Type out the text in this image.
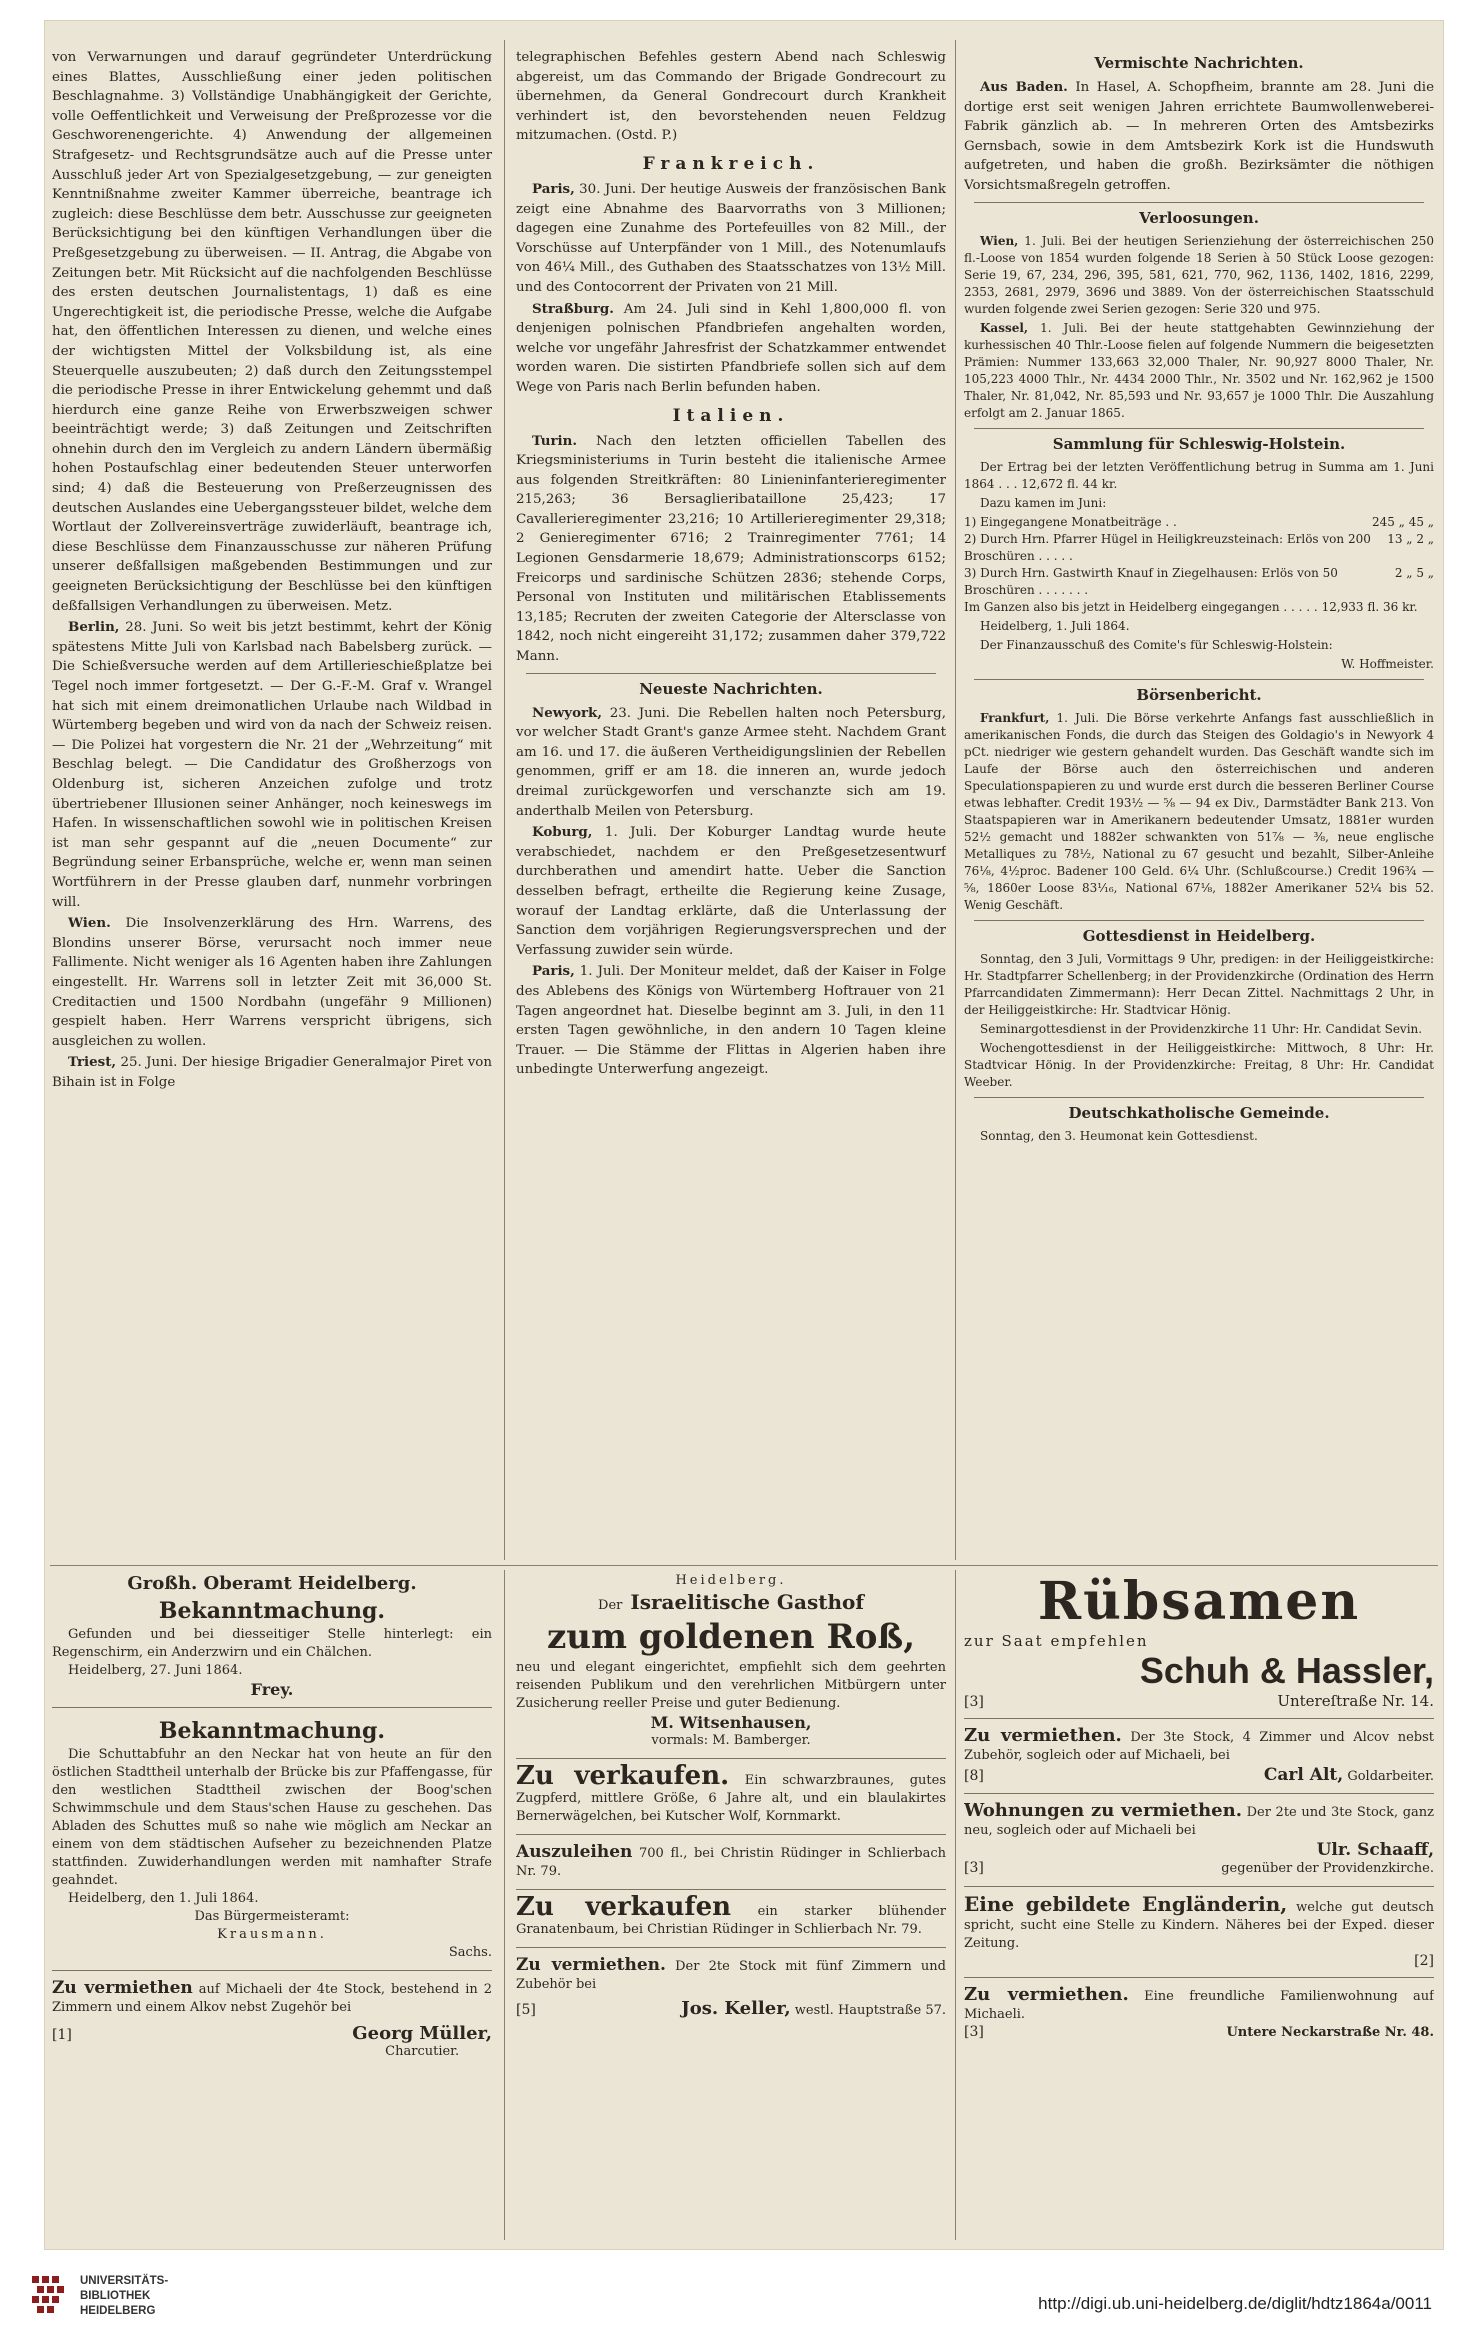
von Verwarnungen und darauf gegründeter Unterdrückung eines Blattes, Ausschließung einer jeden politischen Beschlagnahme. 3) Vollständige Unabhängigkeit der Gerichte, volle Oeffentlichkeit und Verweisung der Preßprozesse vor die Geschworenengerichte. 4) Anwendung der allgemeinen Strafgesetz- und Rechtsgrundsätze auch auf die Presse unter Ausschluß jeder Art von Spezialgesetzgebung, — zur geneigten Kenntnißnahme zweiter Kammer überreiche, beantrage ich zugleich: diese Beschlüsse dem betr. Ausschusse zur geeigneten Berücksichtigung bei den künftigen Verhandlungen über die Preßgesetzgebung zu überweisen. — II. Antrag, die Abgabe von Zeitungen betr. Mit Rücksicht auf die nachfolgenden Beschlüsse des ersten deutschen Journalistentags, 1) daß es eine Ungerechtigkeit ist, die periodische Presse, welche die Aufgabe hat, den öffentlichen Interessen zu dienen, und welche eines der wichtigsten Mittel der Volksbildung ist, als eine Steuerquelle auszubeuten; 2) daß durch den Zeitungsstempel die periodische Presse in ihrer Entwickelung gehemmt und daß hierdurch eine ganze Reihe von Erwerbszweigen schwer beeinträchtigt werde; 3) daß Zeitungen und Zeitschriften ohnehin durch den im Vergleich zu andern Ländern übermäßig hohen Postaufschlag einer bedeutenden Steuer unterworfen sind; 4) daß die Besteuerung von Preßerzeugnissen des deutschen Auslandes eine Uebergangssteuer bildet, welche dem Wortlaut der Zollvereinsverträge zuwiderläuft, beantrage ich, diese Beschlüsse dem Finanzausschusse zur näheren Prüfung unserer deßfallsigen maßgebenden Bestimmungen und zur geeigneten Berücksichtigung der Beschlüsse bei den künftigen deßfallsigen Verhandlungen zu überweisen. Metz.

Berlin, 28. Juni. So weit bis jetzt bestimmt, kehrt der König spätestens Mitte Juli von Karlsbad nach Babelsberg zurück. — Die Schießversuche werden auf dem Artillerieschießplatze bei Tegel noch immer fortgesetzt. — Der G.-F.-M. Graf v. Wrangel hat sich mit einem dreimonatlichen Urlaube nach Wildbad in Würtemberg begeben und wird von da nach der Schweiz reisen. — Die Polizei hat vorgestern die Nr. 21 der „Wehrzeitung“ mit Beschlag belegt. — Die Candidatur des Großherzogs von Oldenburg ist, sicheren Anzeichen zufolge und trotz übertriebener Illusionen seiner Anhänger, noch keineswegs im Hafen. In wissenschaftlichen sowohl wie in politischen Kreisen ist man sehr gespannt auf die „neuen Documente“ zur Begründung seiner Erbansprüche, welche er, wenn man seinen Wortführern in der Presse glauben darf, nunmehr vorbringen will.

Wien. Die Insolvenzerklärung des Hrn. Warrens, des Blondins unserer Börse, verursacht noch immer neue Fallimente. Nicht weniger als 16 Agenten haben ihre Zahlungen eingestellt. Hr. Warrens soll in letzter Zeit mit 36,000 St. Creditactien und 1500 Nordbahn (ungefähr 9 Millionen) gespielt haben. Herr Warrens verspricht übrigens, sich ausgleichen zu wollen.

Triest, 25. Juni. Der hiesige Brigadier Generalmajor Piret von Bihain ist in Folge

telegraphischen Befehles gestern Abend nach Schleswig abgereist, um das Commando der Brigade Gondrecourt zu übernehmen, da General Gondrecourt durch Krankheit verhindert ist, den bevorstehenden neuen Feldzug mitzumachen. (Ostd. P.)

Frankreich.

Paris, 30. Juni. Der heutige Ausweis der französischen Bank zeigt eine Abnahme des Baarvorraths von 3 Millionen; dagegen eine Zunahme des Portefeuilles von 82 Mill., der Vorschüsse auf Unterpfänder von 1 Mill., des Notenumlaufs von 46¼ Mill., des Guthaben des Staatsschatzes von 13½ Mill. und des Contocorrent der Privaten von 21 Mill.

Straßburg. Am 24. Juli sind in Kehl 1,800,000 fl. von denjenigen polnischen Pfandbriefen angehalten worden, welche vor ungefähr Jahresfrist der Schatzkammer entwendet worden waren. Die sistirten Pfandbriefe sollen sich auf dem Wege von Paris nach Berlin befunden haben.

Italien.

Turin. Nach den letzten officiellen Tabellen des Kriegsministeriums in Turin besteht die italienische Armee aus folgenden Streitkräften: 80 Linieninfanterieregimenter 215,263; 36 Bersaglieribataillone 25,423; 17 Cavallerieregimenter 23,216; 10 Artillerieregimenter 29,318; 2 Genieregimenter 6716; 2 Trainregimenter 7761; 14 Legionen Gensdarmerie 18,679; Administrationscorps 6152; Freicorps und sardinische Schützen 2836; stehende Corps, Personal von Instituten und militärischen Etablissements 13,185; Recruten der zweiten Categorie der Altersclasse von 1842, noch nicht eingereiht 31,172; zusammen daher 379,722 Mann.

Neueste Nachrichten.

Newyork, 23. Juni. Die Rebellen halten noch Petersburg, vor welcher Stadt Grant's ganze Armee steht. Nachdem Grant am 16. und 17. die äußeren Vertheidigungslinien der Rebellen genommen, griff er am 18. die inneren an, wurde jedoch dreimal zurückgeworfen und verschanzte sich am 19. anderthalb Meilen von Petersburg.

Koburg, 1. Juli. Der Koburger Landtag wurde heute verabschiedet, nachdem er den Preßgesetzesentwurf durchberathen und amendirt hatte. Ueber die Sanction desselben befragt, ertheilte die Regierung keine Zusage, worauf der Landtag erklärte, daß die Unterlassung der Sanction dem vorjährigen Regierungsversprechen und der Verfassung zuwider sein würde.

Paris, 1. Juli. Der Moniteur meldet, daß der Kaiser in Folge des Ablebens des Königs von Würtemberg Hoftrauer von 21 Tagen angeordnet hat. Dieselbe beginnt am 3. Juli, in den 11 ersten Tagen gewöhnliche, in den andern 10 Tagen kleine Trauer. — Die Stämme der Flittas in Algerien haben ihre unbedingte Unterwerfung angezeigt.

Vermischte Nachrichten.

Aus Baden. In Hasel, A. Schopfheim, brannte am 28. Juni die dortige erst seit wenigen Jahren errichtete Baumwollenweberei-Fabrik gänzlich ab. — In mehreren Orten des Amtsbezirks Gernsbach, sowie in dem Amtsbezirk Kork ist die Hundswuth aufgetreten, und haben die großh. Bezirksämter die nöthigen Vorsichtsmaßregeln getroffen.

Verloosungen.

Wien, 1. Juli. Bei der heutigen Serienziehung der österreichischen 250 fl.-Loose von 1854 wurden folgende 18 Serien à 50 Stück Loose gezogen: Serie 19, 67, 234, 296, 395, 581, 621, 770, 962, 1136, 1402, 1816, 2299, 2353, 2681, 2979, 3696 und 3889. Von der österreichischen Staatsschuld wurden folgende zwei Serien gezogen: Serie 320 und 975.

Kassel, 1. Juli. Bei der heute stattgehabten Gewinnziehung der kurhessischen 40 Thlr.-Loose fielen auf folgende Nummern die beigesetzten Prämien: Nummer 133,663 32,000 Thaler, Nr. 90,927 8000 Thaler, Nr. 105,223 4000 Thlr., Nr. 4434 2000 Thlr., Nr. 3502 und Nr. 162,962 je 1500 Thaler, Nr. 81,042, Nr. 85,593 und Nr. 93,657 je 1000 Thlr. Die Auszahlung erfolgt am 2. Januar 1865.

Sammlung für Schleswig-Holstein.

Der Ertrag bei der letzten Veröffentlichung betrug in Summa am 1. Juni 1864 . . . 12,672 fl. 44 kr.

Dazu kamen im Juni:

1) Eingegangene Monatbeiträge . .	245 „ 45 „
2) Durch Hrn. Pfarrer Hügel in Heiligkreuzsteinach: Erlös von 200 Broschüren . . . . .
13 „ 2 „
3) Durch Hrn. Gastwirth Knauf in Ziegelhausen: Erlös von 50 Broschüren . . . . . . .
2 „ 5 „

Im Ganzen also bis jetzt in Heidelberg eingegangen . . . . . 12,933 fl. 36 kr.

Heidelberg, 1. Juli 1864.

Der Finanzausschuß des Comite's für Schleswig-Holstein:

W. Hoffmeister.

Börsenbericht.

Frankfurt, 1. Juli. Die Börse verkehrte Anfangs fast ausschließlich in amerikanischen Fonds, die durch das Steigen des Goldagio's in Newyork 4 pCt. niedriger wie gestern gehandelt wurden. Das Geschäft wandte sich im Laufe der Börse auch den österreichischen und anderen Speculationspapieren zu und wurde erst durch die besseren Berliner Course etwas lebhafter. Credit 193½ — ⅝ — 94 ex Div., Darmstädter Bank 213. Von Staatspapieren war in Amerikanern bedeutender Umsatz, 1881er wurden 52½ gemacht und 1882er schwankten von 51⅞ — ⅜, neue englische Metalliques zu 78½, National zu 67 gesucht und bezahlt, Silber-Anleihe 76⅛, 4½proc. Badener 100 Geld. 6¼ Uhr. (Schlußcourse.) Credit 196¾ — ⅝, 1860er Loose 83¹⁄₁₆, National 67⅛, 1882er Amerikaner 52¼ bis 52. Wenig Geschäft.

Gottesdienst in Heidelberg.

Sonntag, den 3 Juli, Vormittags 9 Uhr, predigen: in der Heiliggeistkirche: Hr. Stadtpfarrer Schellenberg; in der Providenzkirche (Ordination des Herrn Pfarrcandidaten Zimmermann): Herr Decan Zittel. Nachmittags 2 Uhr, in der Heiliggeistkirche: Hr. Stadtvicar Hönig.

Seminargottesdienst in der Providenzkirche 11 Uhr: Hr. Candidat Sevin.

Wochengottesdienst in der Heiliggeistkirche: Mittwoch, 8 Uhr: Hr. Stadtvicar Hönig. In der Providenzkirche: Freitag, 8 Uhr: Hr. Candidat Weeber.

Deutschkatholische Gemeinde.

Sonntag, den 3. Heumonat kein Gottesdienst.

Großh. Oberamt Heidelberg.
Bekanntmachung.
Gefunden und bei diesseitiger Stelle hinterlegt: ein Regenschirm, ein Anderzwirn und ein Chälchen.
Heidelberg, 27. Juni 1864.
Frey.
Bekanntmachung.
Die Schuttabfuhr an den Neckar hat von heute an für den östlichen Stadttheil unterhalb der Brücke bis zur Pfaffengasse, für den westlichen Stadttheil zwischen der Boog'schen Schwimmschule und dem Staus'schen Hause zu geschehen. Das Abladen des Schuttes muß so nahe wie möglich am Neckar an einem von dem städtischen Aufseher zu bezeichnenden Platze stattfinden. Zuwiderhandlungen werden mit namhafter Strafe geahndet.
Heidelberg, den 1. Juli 1864.
Das Bürgermeisteramt:
Krausmann.
Sachs.
Zu vermiethen auf Michaeli der 4te Stock, bestehend in 2 Zimmern und einem Alkov nebst Zugehör bei
[1]	Georg Müller,
Charcutier.
Heidelberg.
Der Israelitische Gasthof
zum goldenen Roß,
neu und elegant eingerichtet, empfiehlt sich dem geehrten reisenden Publikum und den verehrlichen Mitbürgern unter Zusicherung reeller Preise und guter Bedienung.
M. Witsenhausen,
vormals: M. Bamberger.
Zu verkaufen. Ein schwarzbraunes, gutes Zugpferd, mittlere Größe, 6 Jahre alt, und ein blaulakirtes Bernerwägelchen, bei Kutscher Wolf, Kornmarkt.
Auszuleihen 700 fl., bei Christin Rüdinger in Schlierbach Nr. 79.
Zu verkaufen ein starker blühender Granatenbaum, bei Christian Rüdinger in Schlierbach Nr. 79.
Zu vermiethen. Der 2te Stock mit fünf Zimmern und Zubehör bei
[5]	Jos. Keller, westl. Hauptstraße 57.
Rübsamen
zur Saat empfehlen
Schuh & Hassler,
[3]	Untereſtraße Nr. 14.
Zu vermiethen. Der 3te Stock, 4 Zimmer und Alcov nebst Zubehör, sogleich oder auf Michaeli, bei
[8]	Carl Alt, Goldarbeiter.
Wohnungen zu vermiethen. Der 2te und 3te Stock, ganz neu, sogleich oder auf Michaeli bei
Ulr. Schaaff,
[3]	gegenüber der Providenzkirche.
Eine gebildete Engländerin, welche gut deutsch spricht, sucht eine Stelle zu Kindern. Näheres bei der Exped. dieser Zeitung.
[2]
Zu vermiethen. Eine freundliche Familienwohnung auf Michaeli.
[3]	Untere Neckarstraße Nr. 48.
UNIVERSITÄTS-
BIBLIOTHEK
HEIDELBERG	http://digi.ub.uni-heidelberg.de/diglit/hdtz1864a/0011
